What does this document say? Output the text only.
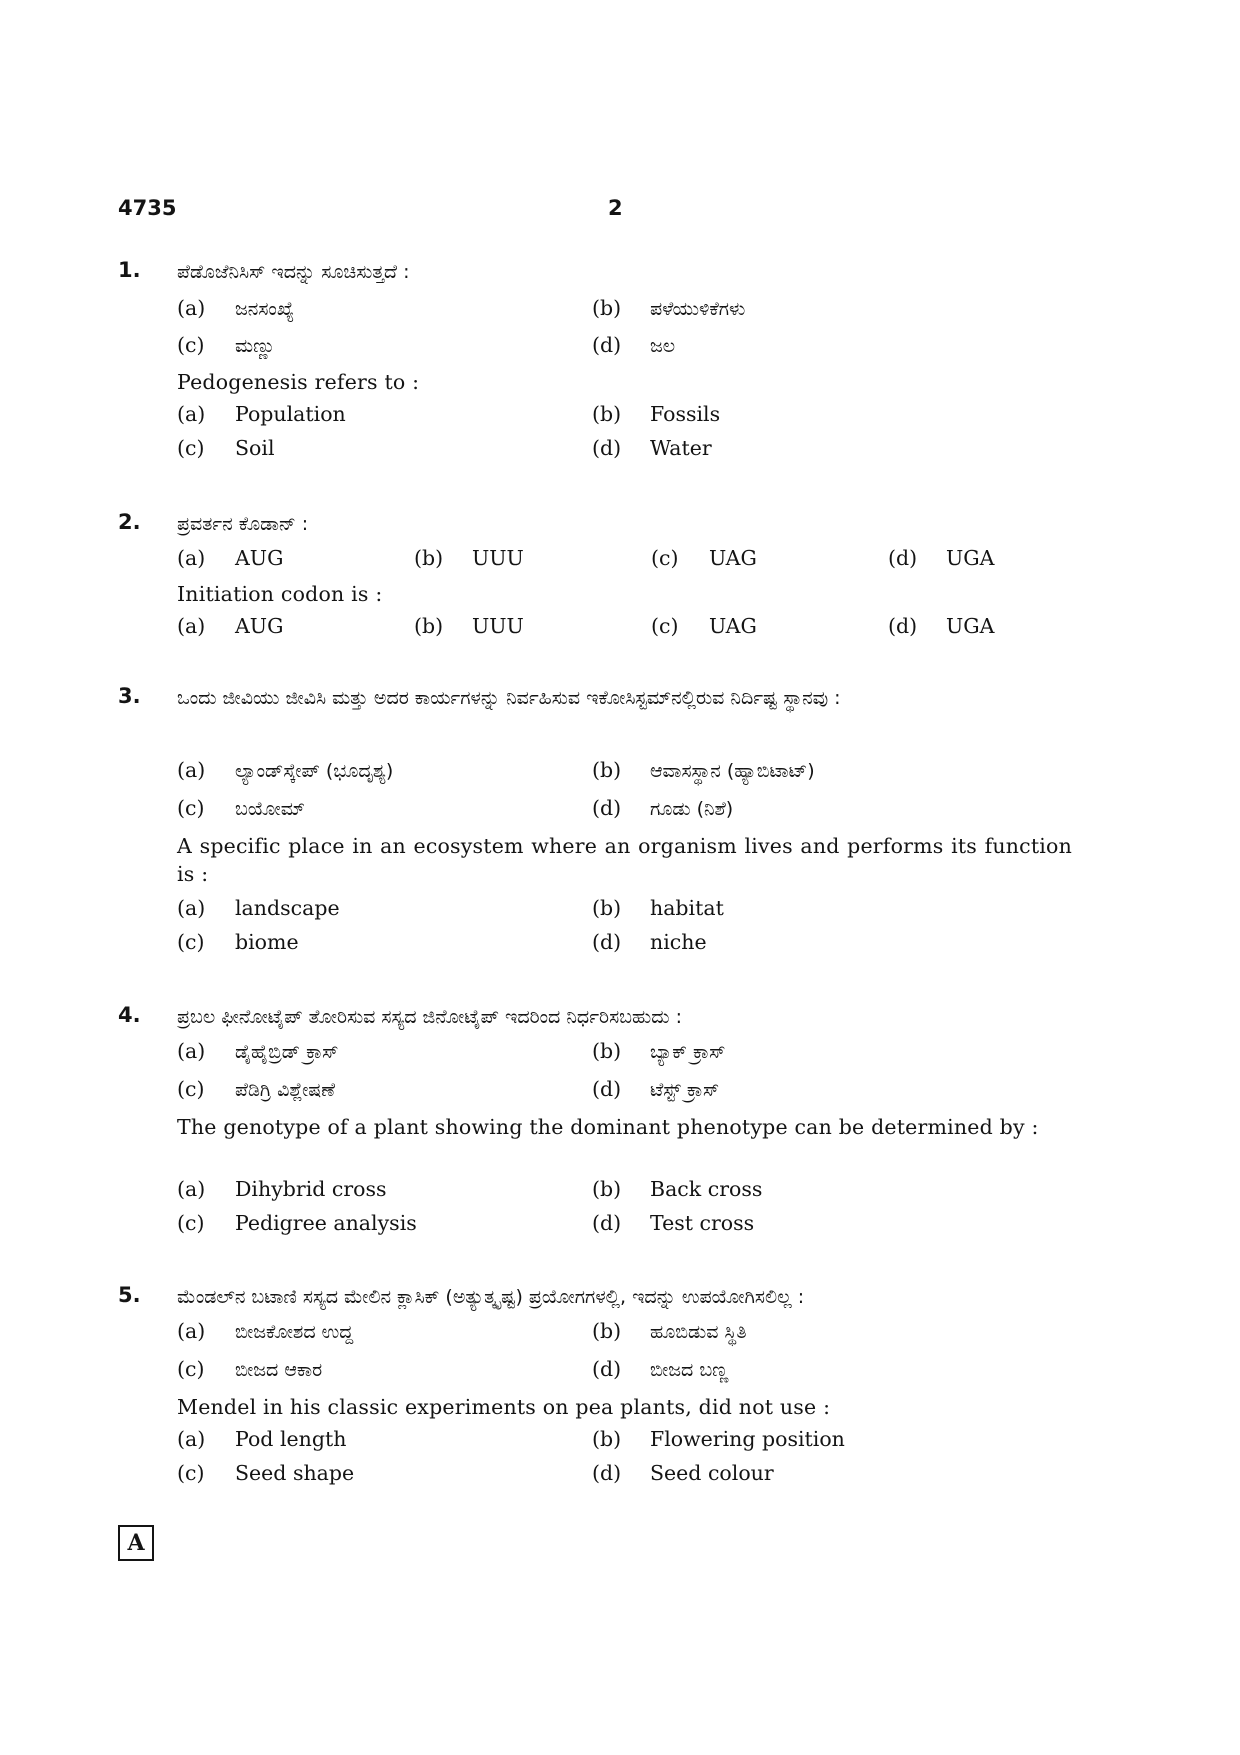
4735	2
1. ಪೆಡೊಜೆನಿಸಿಸ್ ಇದನ್ನು ಸೂಚಿಸುತ್ತದೆ :
(a) ಜನಸಂಖ್ಯೆ	(b) ಪಳೆಯುಳಿಕೆಗಳು
(c) ಮಣ್ಣು	(d) ಜಲ
Pedogenesis refers to :
(a) Population	(b) Fossils
(c) Soil	(d) Water
2. ಪ್ರವರ್ತನ ಕೊಡಾನ್ :
(a) AUG	(b) UUU	(c) UAG	(d) UGA
Initiation codon is :
(a) AUG	(b) UUU	(c) UAG	(d) UGA
3. ಒಂದು ಜೀವಿಯು ಜೀವಿಸಿ ಮತ್ತು ಅದರ ಕಾರ್ಯಗಳನ್ನು ನಿರ್ವಹಿಸುವ ಇಕೋಸಿಸ್ಟಮ್‌ನಲ್ಲಿರುವ ನಿರ್ದಿಷ್ಟ ಸ್ಥಾನವು :
(a) ಲ್ಯಾಂಡ್‌ಸ್ಕೇಪ್ (ಭೂದೃಶ್ಯ)	(b) ಆವಾಸಸ್ಥಾನ (ಹ್ಯಾಬಿಟಾಟ್)
(c) ಬಯೋಮ್	(d) ಗೂಡು (ನಿಶೆ)
A specific place in an ecosystem where an organism lives and performs its function is :
(a) landscape	(b) habitat
(c) biome	(d) niche
4. ಪ್ರಬಲ ಫೀನೋಟೈಪ್ ತೋರಿಸುವ ಸಸ್ಯದ ಜಿನೋಟೈಪ್ ಇದರಿಂದ ನಿರ್ಧರಿಸಬಹುದು :
(a) ಡೈಹೈಬ್ರಿಡ್ ಕ್ರಾಸ್	(b) ಬ್ಯಾಕ್ ಕ್ರಾಸ್
(c) ಪೆಡಿಗ್ರಿ ವಿಶ್ಲೇಷಣೆ	(d) ಟೆಸ್ಟ್ ಕ್ರಾಸ್
The genotype of a plant showing the dominant phenotype can be determined by :
(a) Dihybrid cross	(b) Back cross
(c) Pedigree analysis	(d) Test cross
5. ಮೆಂಡಲ್‌ನ ಬಟಾಣಿ ಸಸ್ಯದ ಮೇಲಿನ ಕ್ಲಾಸಿಕ್ (ಅತ್ಯುತ್ಕೃಷ್ಟ) ಪ್ರಯೋಗಗಳಲ್ಲಿ, ಇದನ್ನು ಉಪಯೋಗಿಸಲಿಲ್ಲ :
(a) ಬೀಜಕೋಶದ ಉದ್ದ	(b) ಹೂಬಿಡುವ ಸ್ಥಿತಿ
(c) ಬೀಜದ ಆಕಾರ	(d) ಬೀಜದ ಬಣ್ಣ
Mendel in his classic experiments on pea plants, did not use :
(a) Pod length	(b) Flowering position
(c) Seed shape	(d) Seed colour
A
